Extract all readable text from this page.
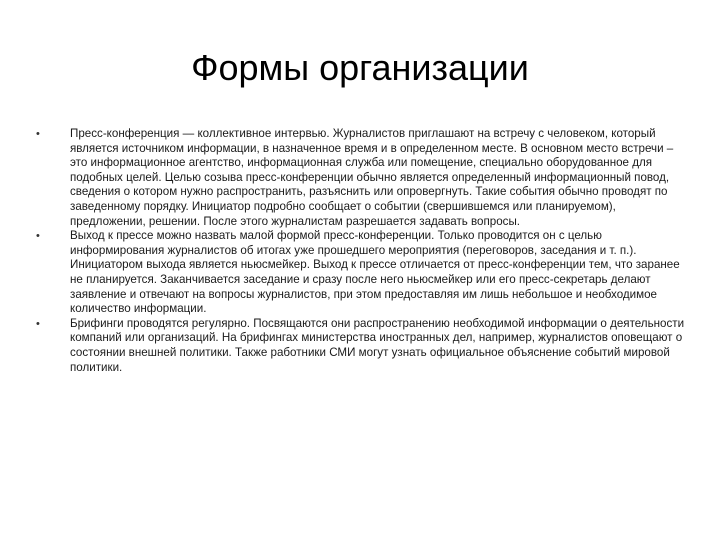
Формы организации
•	Пресс-конференция — коллективное интервью. Журналистов приглашают на встречу с человеком, который является источником информации, в назначенное время и в определенном месте. В основном место встречи – это информационное агентство, информационная служба или помещение, специально оборудованное для подобных целей. Целью созыва пресс-конференции обычно является определенный информационный повод, сведения о котором нужно распространить, разъяснить или опровергнуть. Такие события обычно проводят по заведенному порядку. Инициатор подробно сообщает о событии (свершившемся или планируемом), предложении, решении. После этого журналистам разрешается задавать вопросы.
•	Выход к прессе можно назвать малой формой пресс-конференции. Только проводится он с целью информирования журналистов об итогах уже прошедшего мероприятия (переговоров, заседания и т. п.). Инициатором выхода является ньюсмейкер. Выход к прессе отличается от пресс-конференции тем, что заранее не планируется. Заканчивается заседание и сразу после него ньюсмейкер или его пресс-секретарь делают заявление и отвечают на вопросы журналистов, при этом предоставляя им лишь небольшое и необходимое количество информации.
•	Брифинги проводятся регулярно. Посвящаются они распространению необходимой информации о деятельности компаний или организаций. На брифингах министерства иностранных дел, например, журналистов оповещают о состоянии внешней политики. Также работники СМИ могут узнать официальное объяснение событий мировой политики.
